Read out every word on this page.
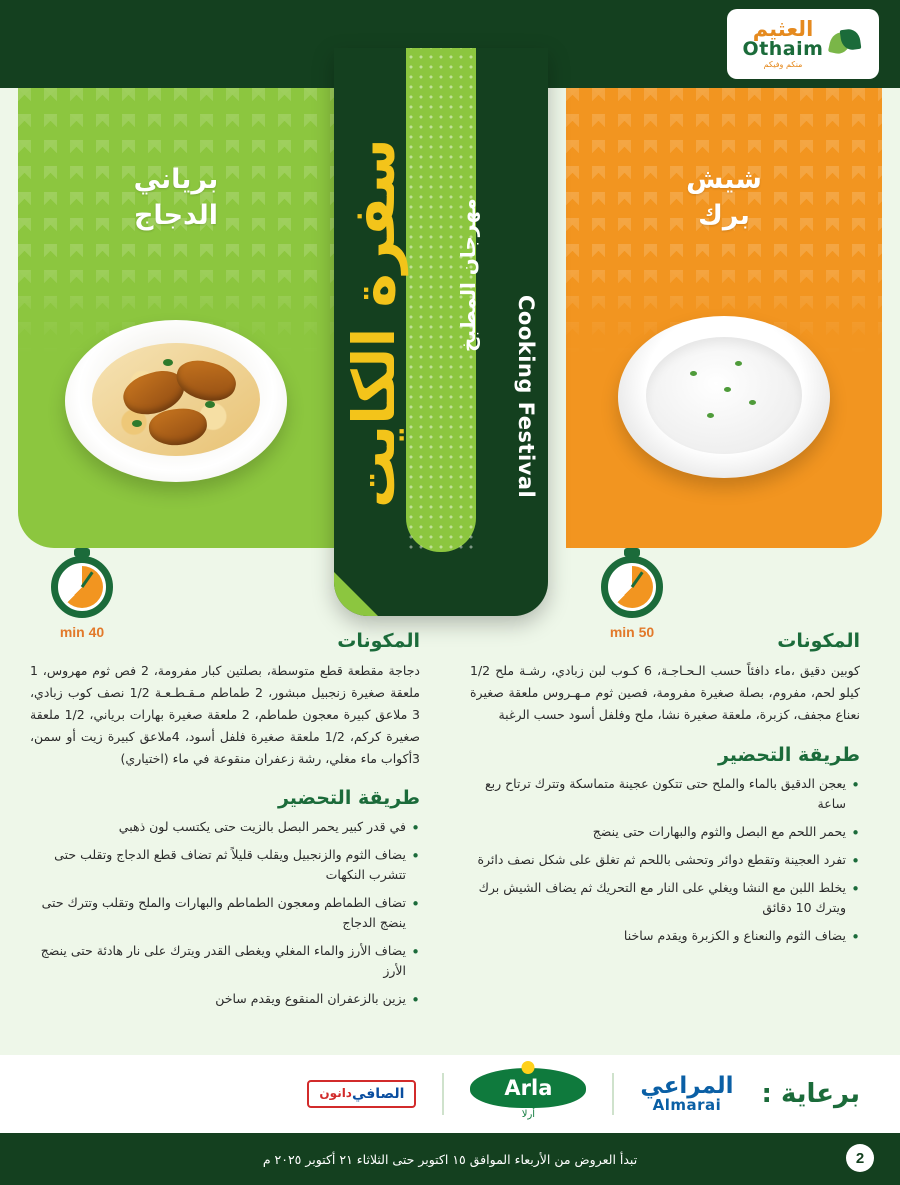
العثيم
Othaim
منكم وفيكم
برياني
الدجاج
شيش
برك
سفرة الكايت	مهرجان المطبخ
Cooking Festival
40 min	50 min
المكونات
دجاجة مقطعة قطع متوسطة، بصلتين كبار مفرومة، 2 فص ثوم مهروس، 1 ملعقة صغيرة زنجبيل مبشور، 2 طماطم مـقـطـعـة 1/2 نصف كوب زبادي، 3 ملاعق كبيرة معجون طماطم، 2 ملعقة صغيرة بهارات برياني، 1/2 ملعقة صغيرة كركم، 1/2 ملعقة صغيرة فلفل أسود، 4ملاعق كبيرة زيت أو سمن، 3أكواب ماء مغلي، رشة زعفران منقوعة في ماء (اختياري)
طريقة التحضير
• في قدر كبير يحمر البصل بالزيت حتى يكتسب لون ذهبي
• يضاف الثوم والزنجبيل ويقلب قليلاً ثم تضاف قطع الدجاج وتقلب حتى تتشرب النكهات
• تضاف الطماطم ومعجون الطماطم والبهارات والملح وتقلب وتترك حتى ينضج الدجاج
• يضاف الأرز والماء المغلي ويغطى القدر ويترك على نار هادئة حتى ينضج الأرز
• يزين بالزعفران المنقوع ويقدم ساخن
المكونات
كوبين دقيق ،ماء دافئاً حسب الـحـاجـة، 6 كـوب لبن زبادي، رشـة ملح 1/2 كيلو لحم، مفروم، بصلة صغيرة مفرومة، فصين ثوم مـهـروس ملعقة صغيرة نعناع مجفف، كزبرة، ملعقة صغيرة نشا، ملح وفلفل أسود حسب الرغبة
طريقة التحضير
• يعجن الدقيق بالماء والملح حتى تتكون عجينة متماسكة وتترك ترتاح ربع ساعة
• يحمر اللحم مع البصل والثوم والبهارات حتى ينضج
• تفرد العجينة وتقطع دوائر وتحشى باللحم ثم تغلق على شكل نصف دائرة
• يخلط اللبن مع النشا ويغلي على النار مع التحريك ثم يضاف الشيش برك ويترك 10 دقائق
• يضاف الثوم والنعناع و الكزبرة ويقدم ساخنا
برعاية :
المراعي
Almarai
Arla
أرلا
الصافي
دانون
تبدأ العروض من الأربعاء الموافق ١٥ اكتوبر حتى الثلاثاء ٢١ أكتوبر ٢٠٢٥ م	2
